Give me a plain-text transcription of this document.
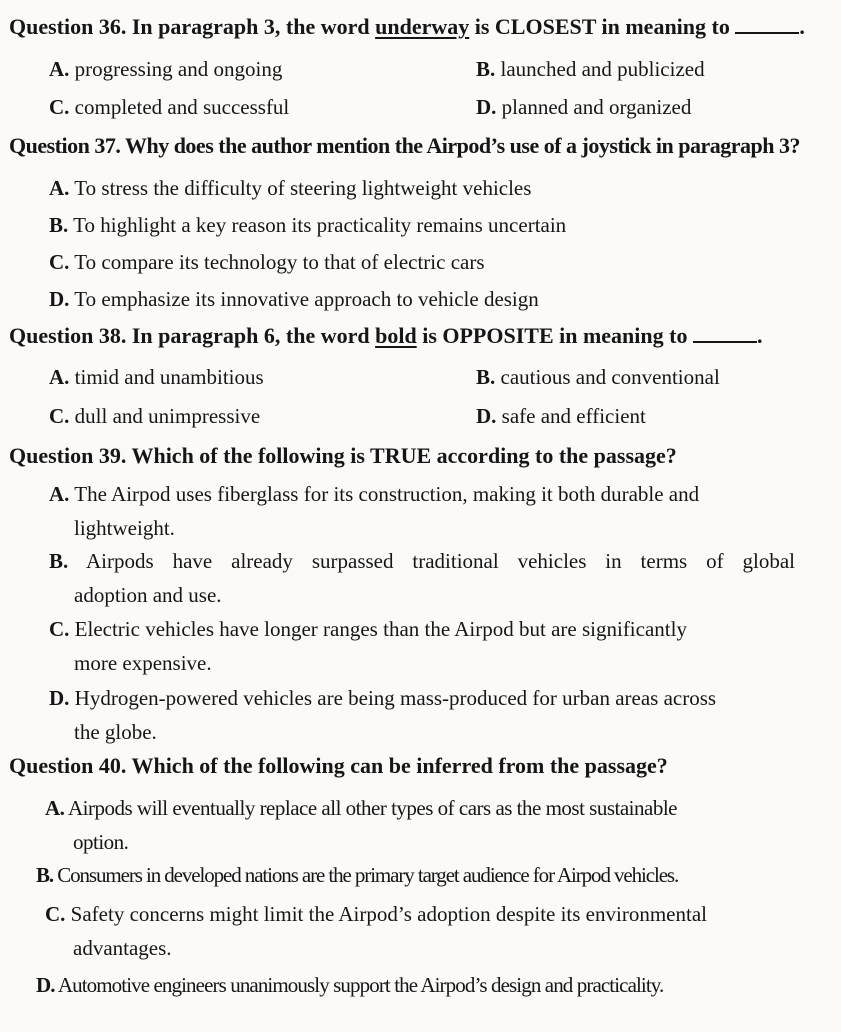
Question 36. In paragraph 3, the word underway is CLOSEST in meaning to	.
A. progressing and ongoing	B. launched and publicized
C. completed and successful	D. planned and organized
Question 37. Why does the author mention the Airpod’s use of a joystick in paragraph 3?
A. To stress the difficulty of steering lightweight vehicles
B. To highlight a key reason its practicality remains uncertain
C. To compare its technology to that of electric cars
D. To emphasize its innovative approach to vehicle design
Question 38. In paragraph 6, the word bold is OPPOSITE in meaning to	.
A. timid and unambitious	B. cautious and conventional
C. dull and unimpressive	D. safe and efficient
Question 39. Which of the following is TRUE according to the passage?
A. The Airpod uses fiberglass for its construction, making it both durable and
lightweight.
B. Airpods have already surpassed traditional vehicles in terms of global
adoption and use.
C. Electric vehicles have longer ranges than the Airpod but are significantly
more expensive.
D. Hydrogen-powered vehicles are being mass-produced for urban areas across
the globe.
Question 40. Which of the following can be inferred from the passage?
A. Airpods will eventually replace all other types of cars as the most sustainable
option.
B. Consumers in developed nations are the primary target audience for Airpod vehicles.
C. Safety concerns might limit the Airpod’s adoption despite its environmental
advantages.
D. Automotive engineers unanimously support the Airpod’s design and practicality.
